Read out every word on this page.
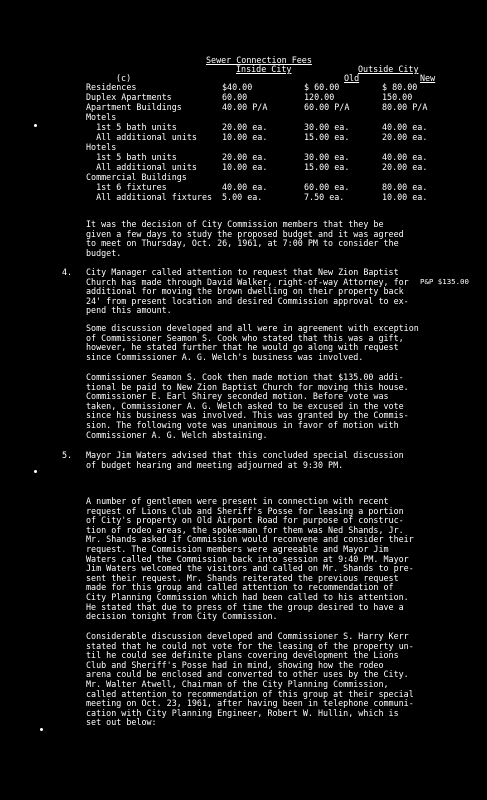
Sewer Connection Fees
Inside City	Outside City
(c)	Old	New
Residences	$40.00	$ 60.00	$ 80.00
Duplex Apartments	60.00	120.00	150.00
Apartment Buildings	40.00 P/A	60.00 P/A	80.00 P/A
Motels
1st 5 bath units	20.00 ea.	30.00 ea.	40.00 ea.
All additional units	10.00 ea.	15.00 ea.	20.00 ea.
Hotels
1st 5 bath units	20.00 ea.	30.00 ea.	40.00 ea.
All additional units	10.00 ea.	15.00 ea.	20.00 ea.
Commercial Buildings
1st 6 fixtures	40.00 ea.	60.00 ea.	80.00 ea.
All additional fixtures 5.00 ea.	7.50 ea.	10.00 ea.
It was the decision of City Commission members that they be
given a few days to study the proposed budget and it was agreed
to meet on Thursday, Oct. 26, 1961, at 7:00 PM to consider the
budget.
4. City Manager called attention to request that New Zion Baptist
Church has made through David Walker, right-of-way Attorney, for
additional for moving the brown dwelling on their property back
24' from present location and desired Commission approval to ex-
pend this amount.
P&P $135.00
Some discussion developed and all were in agreement with exception
of Commissioner Seamon S. Cook who stated that this was a gift,
however, he stated further that he would go along with request
since Commissioner A. G. Welch's business was involved.
Commissioner Seamon S. Cook then made motion that $135.00 addi-
tional be paid to New Zion Baptist Church for moving this house.
Commissioner E. Earl Shirey seconded motion. Before vote was
taken, Commissioner A. G. Welch asked to be excused in the vote
since his business was involved. This was granted by the Commis-
sion. The following vote was unanimous in favor of motion with
Commissioner A. G. Welch abstaining.
5. Mayor Jim Waters advised that this concluded special discussion
of budget hearing and meeting adjourned at 9:30 PM.
A number of gentlemen were present in connection with recent
request of Lions Club and Sheriff's Posse for leasing a portion
of City's property on Old Airport Road for purpose of construc-
tion of rodeo areas, the spokesman for them was Ned Shands, Jr.
Mr. Shands asked if Commission would reconvene and consider their
request. The Commission members were agreeable and Mayor Jim
Waters called the Commission back into session at 9:40 PM. Mayor
Jim Waters welcomed the visitors and called on Mr. Shands to pre-
sent their request. Mr. Shands reiterated the previous request
made for this group and called attention to recommendation of
City Planning Commission which had been called to his attention.
He stated that due to press of time the group desired to have a
decision tonight from City Commission.
Considerable discussion developed and Commissioner S. Harry Kerr
stated that he could not vote for the leasing of the property un-
til he could see definite plans covering development the Lions
Club and Sheriff's Posse had in mind, showing how the rodeo
arena could be enclosed and converted to other uses by the City.
Mr. Walter Atwell, Chairman of the City Planning Commission,
called attention to recommendation of this group at their special
meeting on Oct. 23, 1961, after having been in telephone communi-
cation with City Planning Engineer, Robert W. Hullin, which is
set out below:
